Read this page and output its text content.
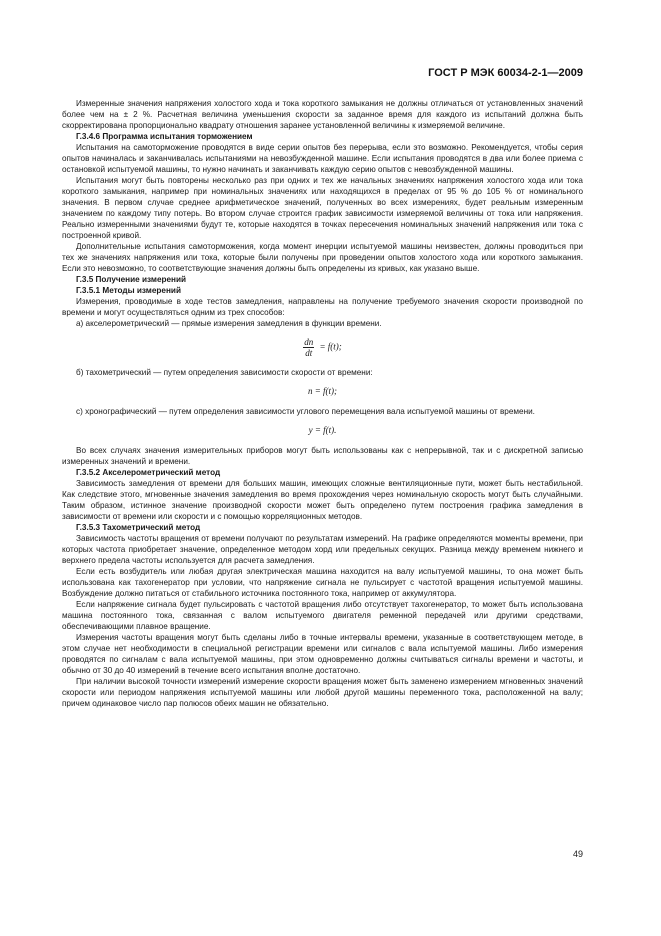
ГОСТ Р МЭК 60034-2-1—2009

Измеренные значения напряжения холостого хода и тока короткого замыкания не должны отличаться от установленных значений более чем на ± 2 %. Расчетная величина уменьшения скорости за заданное время для каждого из испытаний должна быть скорректирована пропорционально квадрату отношения заранее установленной величины к измеряемой величине.

Г.3.4.6 Программа испытания торможением

Испытания на самоторможение проводятся в виде серии опытов без перерыва, если это возможно. Рекомендуется, чтобы серия опытов начиналась и заканчивалась испытаниями на невозбужденной машине. Если испытания проводятся в два или более приема с остановкой испытуемой машины, то нужно начинать и заканчивать каждую серию опытов с невозбужденной машины.

Испытания могут быть повторены несколько раз при одних и тех же начальных значениях напряжения холостого хода или тока короткого замыкания, например при номинальных значениях или находящихся в пределах от 95 % до 105 % от номинального значения. В первом случае среднее арифметическое значений, полученных во всех измерениях, будет реальным измеренным значением по каждому типу потерь. Во втором случае строится график зависимости измеряемой величины от тока или напряжения. Реально измеренными значениями будут те, которые находятся в точках пересечения номинальных значений напряжения или тока с построенной кривой.

Дополнительные испытания самоторможения, когда момент инерции испытуемой машины неизвестен, должны проводиться при тех же значениях напряжения или тока, которые были получены при проведении опытов холостого хода или короткого замыкания. Если это невозможно, то соответствующие значения должны быть определены из кривых, как указано выше.

Г.3.5 Получение измерений
Г.3.5.1 Методы измерений

Измерения, проводимые в ходе тестов замедления, направлены на получение требуемого значения скорости производной по времени и могут осуществляться одним из трех способов:

а) акселерометрический — прямые измерения замедления в функции времени.
$\frac{dn}{dt} = f(t)$;
б) тахометрический — путем определения зависимости скорости от времени:
n = f(t);
с) хронографический — путем определения зависимости углового перемещения вала испытуемой машины от времени.
y = f(t).

Во всех случаях значения измерительных приборов могут быть использованы как с непрерывной, так и с дискретной записью измеренных значений и времени.

Г.3.5.2 Акселерометрический метод

Зависимость замедления от времени для больших машин, имеющих сложные вентиляционные пути, может быть нестабильной. Как следствие этого, мгновенные значения замедления во время прохождения через номинальную скорость могут быть случайными. Таким образом, истинное значение производной скорости может быть определено путем построения графика замедления в зависимости от времени или скорости и с помощью корреляционных методов.

Г.3.5.3 Тахометрический метод

Зависимость частоты вращения от времени получают по результатам измерений. На графике определяются моменты времени, при которых частота приобретает значение, определенное методом хорд или предельных секущих. Разница между временем нижнего и верхнего предела частоты используется для расчета замедления.

Если есть возбудитель или любая другая электрическая машина находится на валу испытуемой машины, то она может быть использована как тахогенератор при условии, что напряжение сигнала не пульсирует с частотой вращения испытуемой машины. Возбуждение должно питаться от стабильного источника постоянного тока, например от аккумулятора.

Если напряжение сигнала будет пульсировать с частотой вращения либо отсутствует тахогенератор, то может быть использована машина постоянного тока, связанная с валом испытуемого двигателя ременной передачей или другими средствами, обеспечивающими плавное вращение.

Измерения частоты вращения могут быть сделаны либо в точные интервалы времени, указанные в соответствующем методе, в этом случае нет необходимости в специальной регистрации времени или сигналов с вала испытуемой машины. Либо измерения проводятся по сигналам с вала испытуемой машины, при этом одновременно должны считываться сигналы времени и частоты, и обычно от 30 до 40 измерений в течение всего испытания вполне достаточно.

При наличии высокой точности измерений измерение скорости вращения может быть заменено измерением мгновенных значений скорости или периодом напряжения испытуемой машины или любой другой машины переменного тока, расположенной на валу; причем одинаковое число пар полюсов обеих машин не обязательно.

49
